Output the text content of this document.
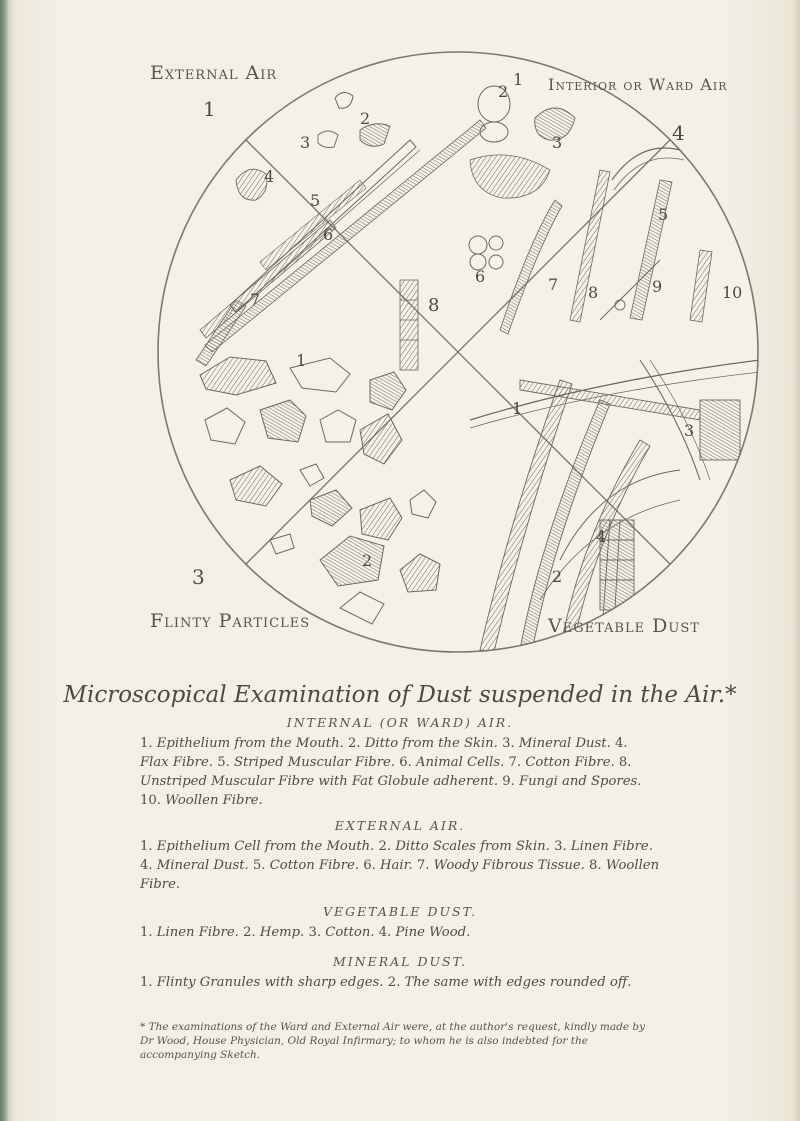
1	2
3
4
5
6
7	8
1
2
3	4
5
6	7 8	9	10
1
2
3
1
2
3
4
External Air
Interior or Ward Air
Flinty Particles	Vegetable Dust
Microscopical Examination of Dust suspended in the Air.*
INTERNAL (OR WARD) AIR.
1. Epithelium from the Mouth. 2. Ditto from the Skin. 3. Mineral Dust. 4. Flax Fibre. 5. Striped Muscular Fibre. 6. Animal Cells. 7. Cotton Fibre. 8. Unstriped Muscular Fibre with Fat Globule adherent. 9. Fungi and Spores. 10. Woollen Fibre.
EXTERNAL AIR.
1. Epithelium Cell from the Mouth. 2. Ditto Scales from Skin. 3. Linen Fibre. 4. Mineral Dust. 5. Cotton Fibre. 6. Hair. 7. Woody Fibrous Tissue. 8. Woollen Fibre.
VEGETABLE DUST.
1. Linen Fibre. 2. Hemp. 3. Cotton. 4. Pine Wood.
MINERAL DUST.
1. Flinty Granules with sharp edges. 2. The same with edges rounded off.
* The examinations of the Ward and External Air were, at the author's request, kindly made by Dr Wood, House Physician, Old Royal Infirmary; to whom he is also indebted for the accompanying Sketch.
